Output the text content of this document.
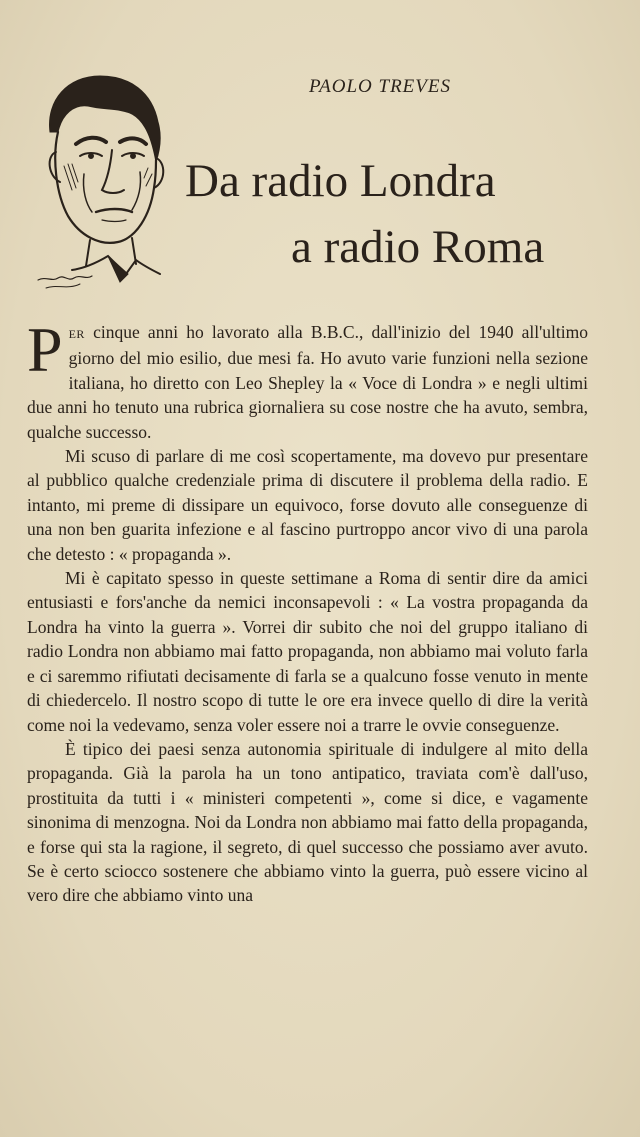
PAOLO TREVES
Da radio Londra
a radio Roma

PER cinque anni ho lavorato alla B.B.C., dall'inizio del 1940 all'ultimo giorno del mio esilio, due mesi fa. Ho avuto varie funzioni nella sezione italiana, ho diretto con Leo Shepley la « Voce di Londra » e negli ultimi due anni ho tenuto una rubrica giornaliera su cose nostre che ha avuto, sembra, qualche successo.

Mi scuso di parlare di me così scopertamente, ma dovevo pur presentare al pubblico qualche credenziale prima di discutere il problema della radio. E intanto, mi preme di dissipare un equivoco, forse dovuto alle conseguenze di una non ben guarita infezione e al fascino purtroppo ancor vivo di una parola che detesto : « propaganda ».

Mi è capitato spesso in queste settimane a Roma di sentir dire da amici entusiasti e fors'anche da nemici inconsapevoli : « La vostra propaganda da Londra ha vinto la guerra ». Vorrei dir subito che noi del gruppo italiano di radio Londra non abbiamo mai fatto propaganda, non abbiamo mai voluto farla e ci saremmo rifiutati decisamente di farla se a qualcuno fosse venuto in mente di chiedercelo. Il nostro scopo di tutte le ore era invece quello di dire la verità come noi la vedevamo, senza voler essere noi a trarre le ovvie conseguenze.

È tipico dei paesi senza autonomia spirituale di indulgere al mito della propaganda. Già la parola ha un tono antipatico, traviata com'è dall'uso, prostituita da tutti i « ministeri competenti », come si dice, e vagamente sinonima di menzogna. Noi da Londra non abbiamo mai fatto della propaganda, e forse qui sta la ragione, il segreto, di quel successo che possiamo aver avuto. Se è certo sciocco sostenere che abbiamo vinto la guerra, può essere vicino al vero dire che abbiamo vinto una
